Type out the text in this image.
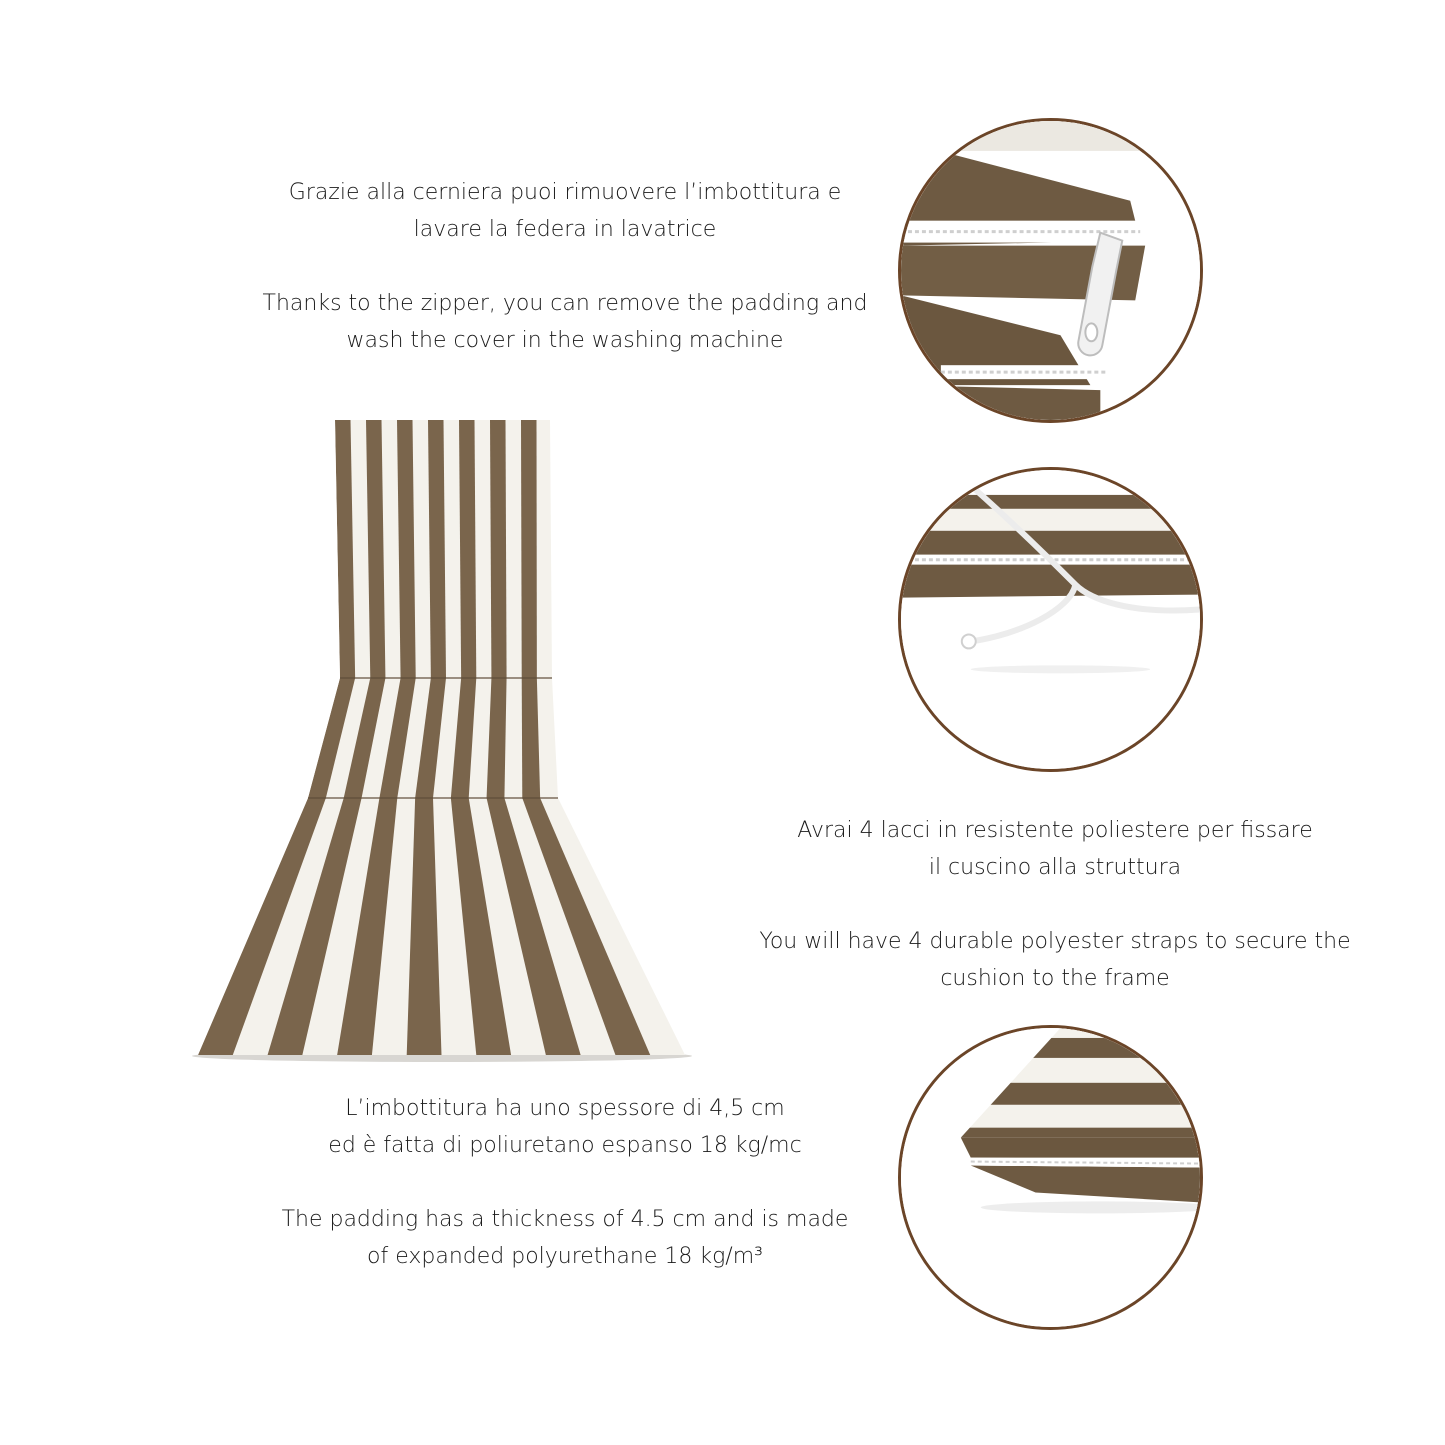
Grazie alla cerniera puoi rimuovere l’imbottitura e

lavare la federa in lavatrice

Thanks to the zipper, you can remove the padding and

wash the cover in the washing machine

Avrai 4 lacci in resistente poliestere per fissare

il cuscino alla struttura

You will have 4 durable polyester straps to secure the

cushion to the frame

L’imbottitura ha uno spessore di 4,5 cm

ed è fatta di poliuretano espanso 18 kg/mc

The padding has a thickness of 4.5 cm and is made

of expanded polyurethane 18 kg/m³
